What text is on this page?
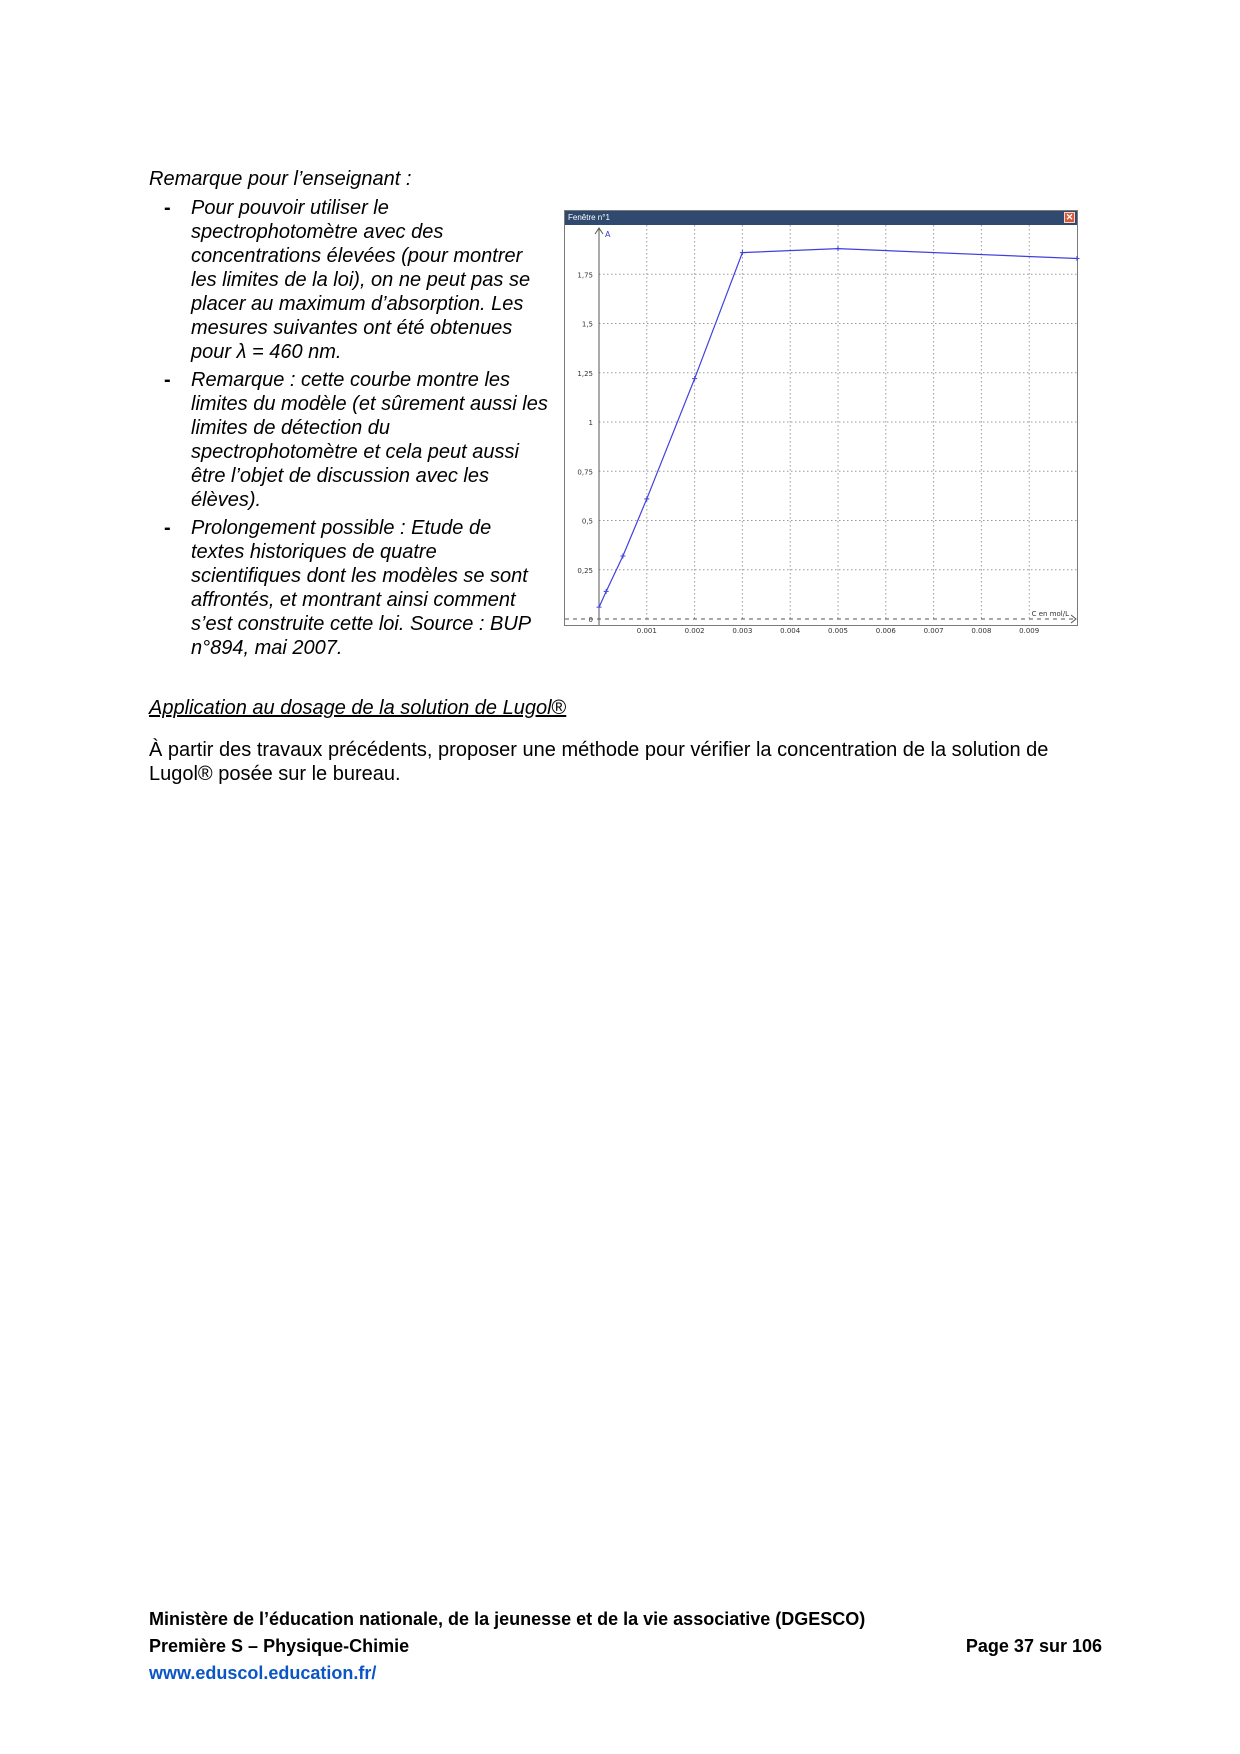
Remarque pour l’enseignant :
- Pour pouvoir utiliser le spectrophotomètre avec des concentrations élevées (pour montrer les limites de la loi), on ne peut pas se placer au maximum d’absorption. Les mesures suivantes ont été obtenues pour λ = 460 nm.
- Remarque : cette courbe montre les limites du modèle (et sûrement aussi les limites de détection du spectrophotomètre et cela peut aussi être l’objet de discussion avec les élèves).
- Prolongement possible : Etude de textes historiques de quatre scientifiques dont les modèles se sont affrontés, et montrant ainsi comment s’est construite cette loi. Source : BUP n°894, mai 2007.
Fenêtre n°1	✕
0.001	0.002	0.003	0.004	0.005	0.006	0.007	0.008	0.009
0
0,25
0,5
0,75
1
1,25
1,5
1,75
A
C en mol/L
Application au dosage de la solution de Lugol®
À partir des travaux précédents, proposer une méthode pour vérifier la concentration de la solution de Lugol® posée sur le bureau.
Ministère de l’éducation nationale, de la jeunesse et de la vie associative (DGESCO)
Première S – Physique-Chimie	Page 37 sur 106
www.eduscol.education.fr/
